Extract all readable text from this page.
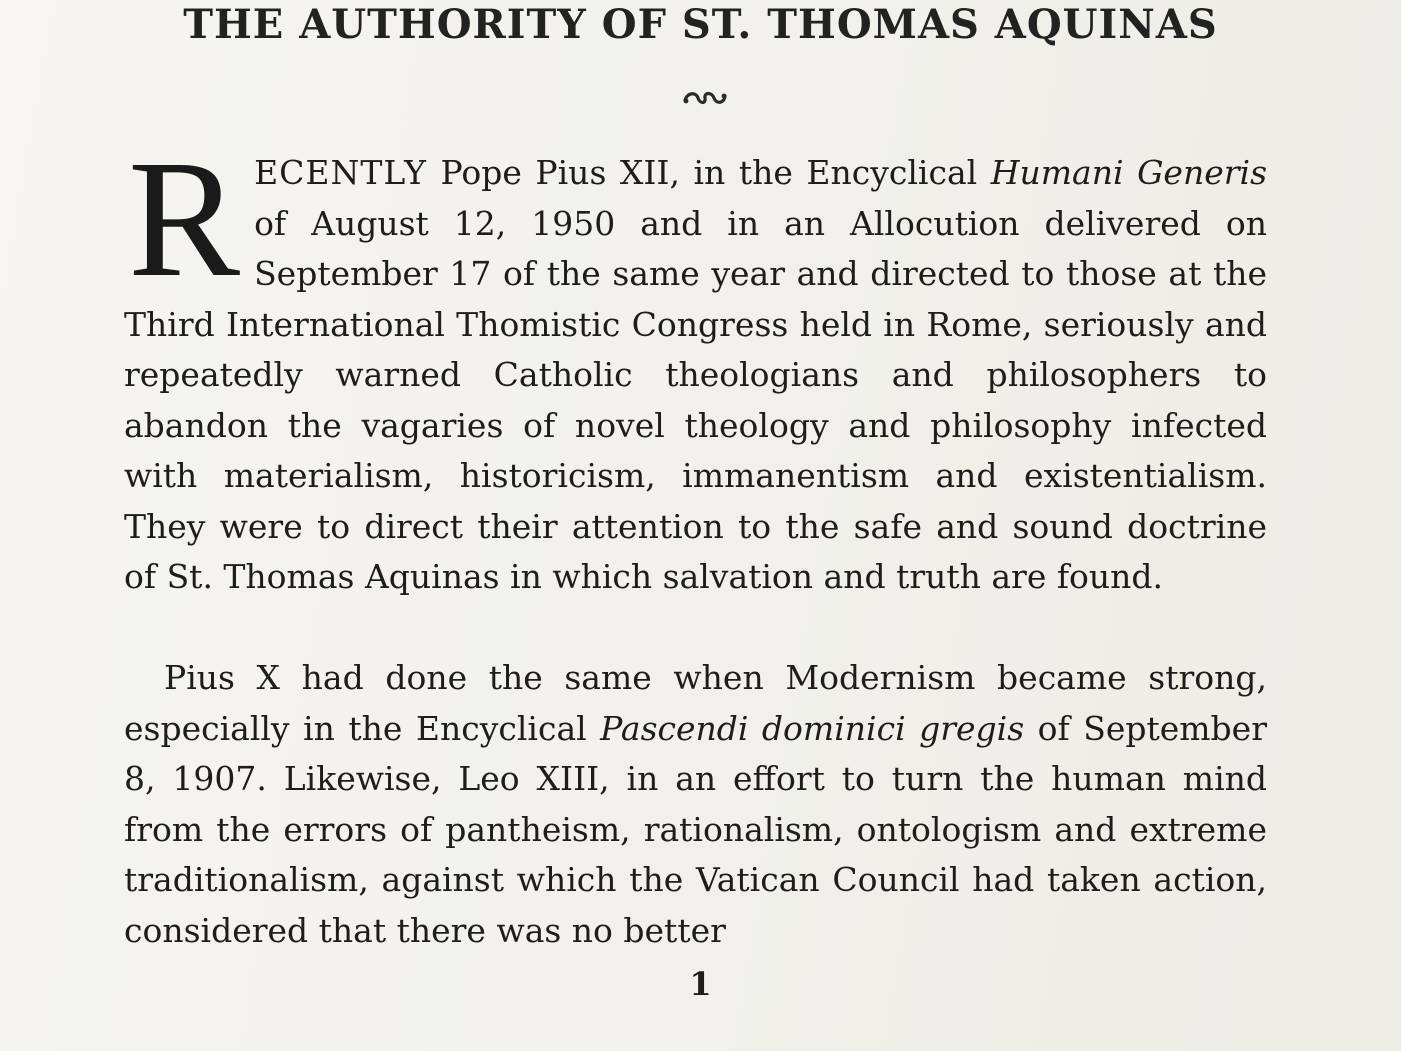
THE AUTHORITY OF ST. THOMAS AQUINAS
RECENTLY Pope Pius XII, in the Encyclical Humani Generis of August 12, 1950 and in an Allocution delivered on September 17 of the same year and directed to those at the Third International Thomistic Congress held in Rome, seriously and repeatedly warned Catholic theologians and philosophers to abandon the vagaries of novel theology and philosophy infected with materialism, historicism, immanentism and existentialism. They were to direct their attention to the safe and sound doctrine of St. Thomas Aquinas in which salvation and truth are found.
Pius X had done the same when Modernism became strong, especially in the Encyclical Pascendi dominici gregis of September 8, 1907. Likewise, Leo XIII, in an effort to turn the human mind from the errors of pantheism, rationalism, ontologism and extreme traditionalism, against which the Vatican Council had taken action, considered that there was no better
1
